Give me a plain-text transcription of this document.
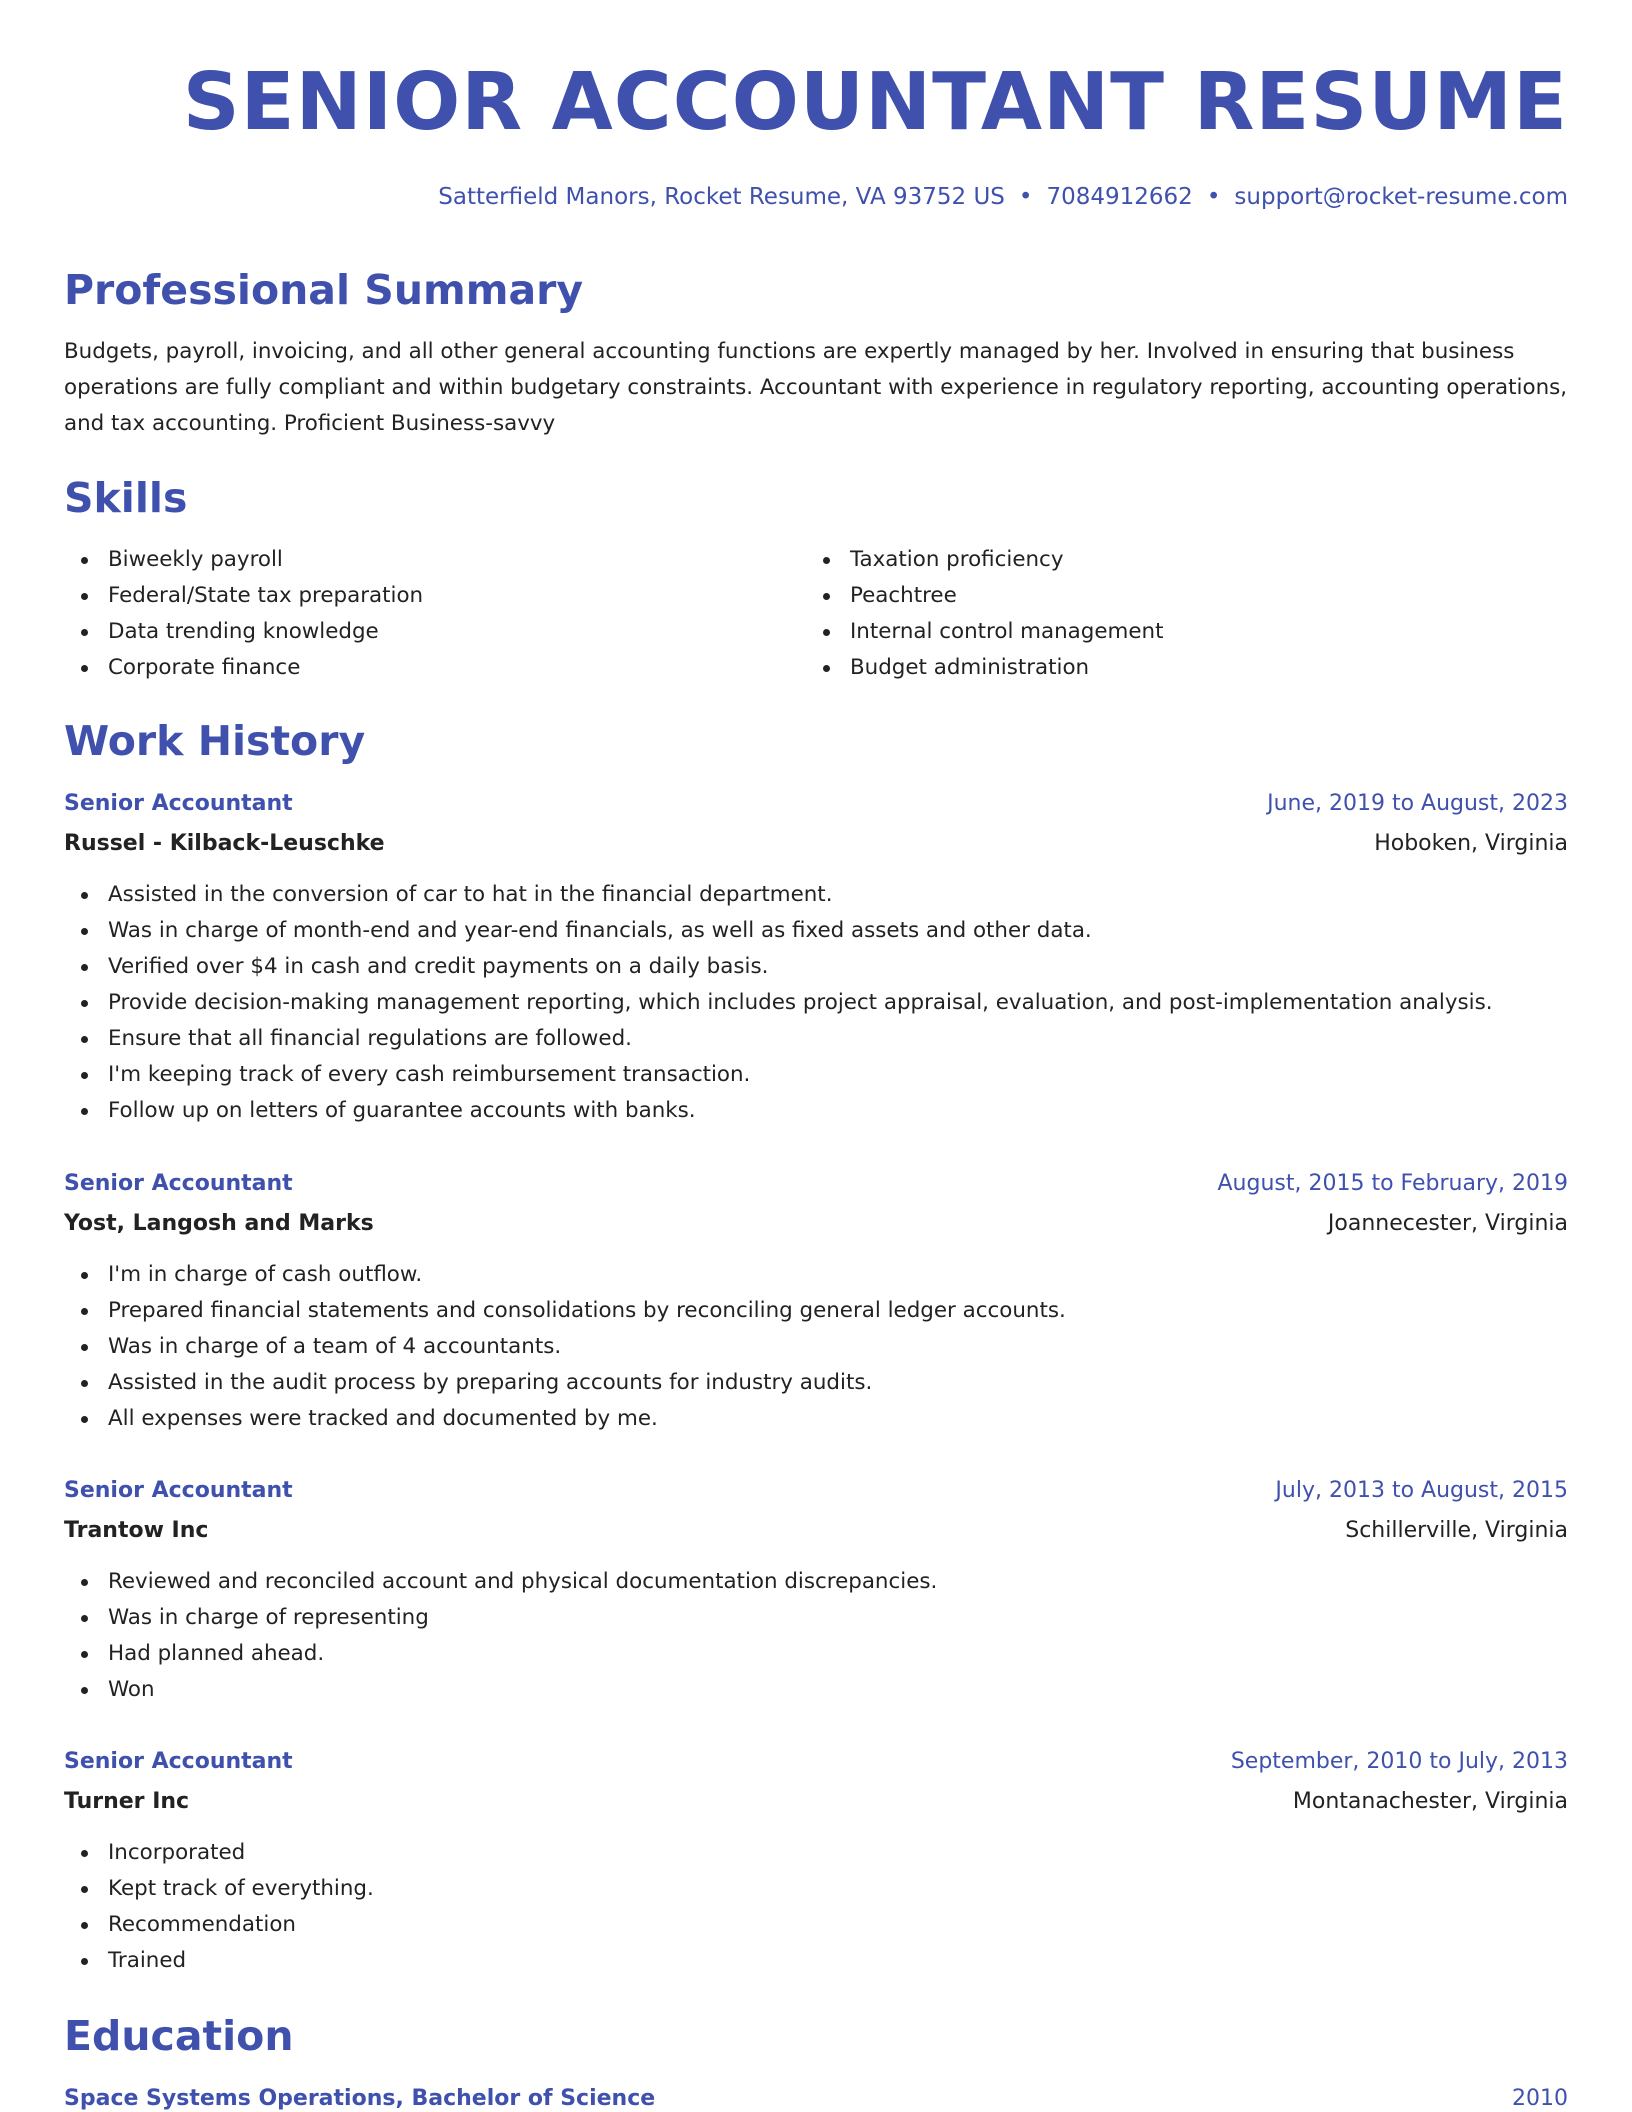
SENIOR ACCOUNTANT RESUME
Satterfield Manors, Rocket Resume, VA 93752 US • 7084912662 • support@rocket-resume.com
Professional Summary

Budgets, payroll, invoicing, and all other general accounting functions are expertly managed by her. Involved in ensuring that business operations are fully compliant and within budgetary constraints. Accountant with experience in regulatory reporting, accounting operations, and tax accounting. Proficient Business-savvy

Skills
Biweekly payroll
Federal/State tax preparation
Data trending knowledge
Corporate finance
Taxation proficiency
Peachtree
Internal control management
Budget administration
Work History
Senior Accountant	June, 2019 to August, 2023
Russel - Kilback-Leuschke	Hoboken, Virginia
Assisted in the conversion of car to hat in the financial department.
Was in charge of month-end and year-end financials, as well as fixed assets and other data.
Verified over $4 in cash and credit payments on a daily basis.
Provide decision-making management reporting, which includes project appraisal, evaluation, and post-implementation analysis.
Ensure that all financial regulations are followed.
I'm keeping track of every cash reimbursement transaction.
Follow up on letters of guarantee accounts with banks.
Senior Accountant	August, 2015 to February, 2019
Yost, Langosh and Marks	Joannecester, Virginia
I'm in charge of cash outflow.
Prepared financial statements and consolidations by reconciling general ledger accounts.
Was in charge of a team of 4 accountants.
Assisted in the audit process by preparing accounts for industry audits.
All expenses were tracked and documented by me.
Senior Accountant	July, 2013 to August, 2015
Trantow Inc	Schillerville, Virginia
Reviewed and reconciled account and physical documentation discrepancies.
Was in charge of representing
Had planned ahead.
Won
Senior Accountant	September, 2010 to July, 2013
Turner Inc	Montanachester, Virginia
Incorporated
Kept track of everything.
Recommendation
Trained
Education
Space Systems Operations, Bachelor of Science	2010
